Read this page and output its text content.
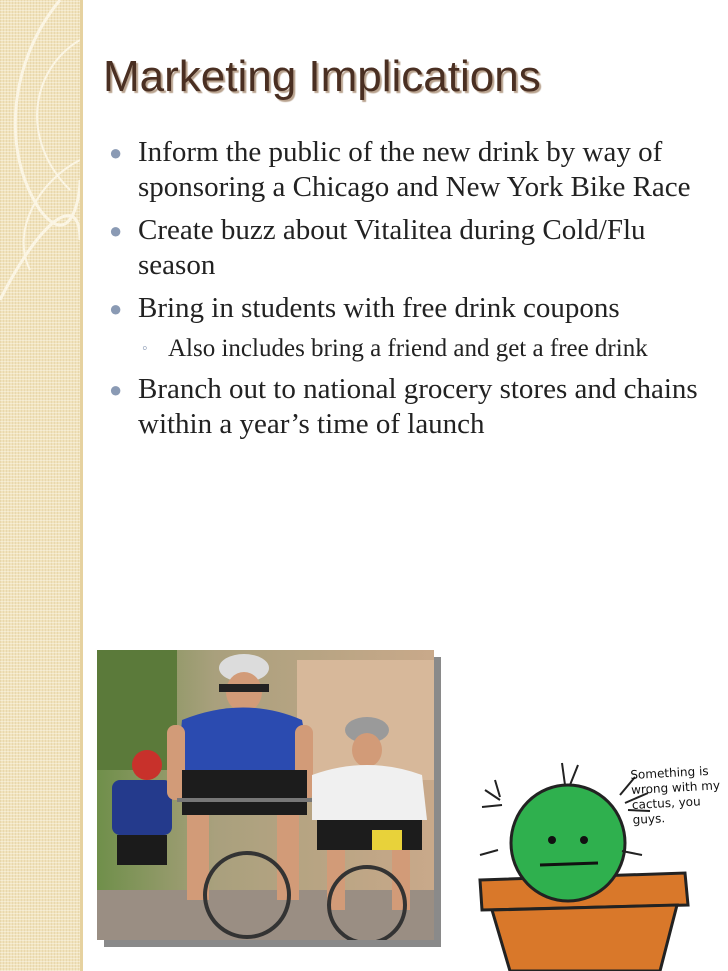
Marketing Implications
● Inform the public of the new drink by way of sponsoring a Chicago and New York Bike Race
● Create buzz about Vitalitea during Cold/Flu season
● Bring in students with free drink coupons
◦ Also includes bring a friend and get a free drink
● Branch out to national grocery stores and chains within a year’s time of launch
Something is wrong with my cactus, you guys.
